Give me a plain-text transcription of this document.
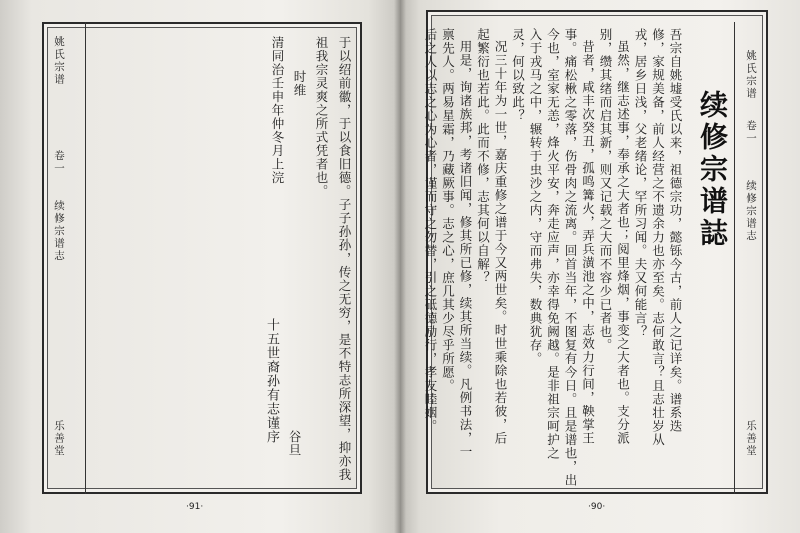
姚氏宗谱
卷一
续修宗谱志
乐善堂	于以绍前徽，于以食旧德。子子孙孙，传之无穷，是不特志所深望，抑亦我
祖我宗灵爽之所式凭者也。
时维
清同治壬申年仲冬月上浣
十五世裔孙有志谨序 谷旦
·91·
姚氏宗谱
卷一
续修宗谱志
乐善堂
续修宗谱誌
吾宗自姚墟受氏以来，祖德宗功，懿铄今古，前人之记详矣。谱系迭
修，家规美备，前人经营之不遗余力也亦至矣。志何敢言？且志壮岁从
戎，居乡日浅，父老绪论，罕所习闻。夫又何能言？
虽然，继志述事，奉承之大者也；阅里烽烟，事变之大者也。支分派
别，缵其绪而启其新，则又记载之大而不容少已者也。
昔者，咸丰次癸丑，孤鸣篝火，弄兵潢池之中，志效力行间，鞅掌王
事。痛松楸之零落，伤骨肉之流离。回首当年，不图复有今日。且是谱也，出
今也，室家无恙，烽火平安，奔走应声，亦幸得免阙越。是非祖宗呵护之
入于戎马之中，辗转于虫沙之内，守而弗失，数典犹存。
灵，何以致此？
况三十年为一世，嘉庆重修之谱于今又两世矣。时世乘除也若彼，后
起繁衍也若此。此而不修，志其何以自解？
用是，询诸族邦，考诸旧闻，修其所已修，续其所当续。凡例书法，一
禀先人。两易星霜，乃藏厥事。志之心，庶几其少尽乎所愿。
后之人以志之心为心者，谨而守之勿替，引之砥德励行，孝友睦姻。
·90·
